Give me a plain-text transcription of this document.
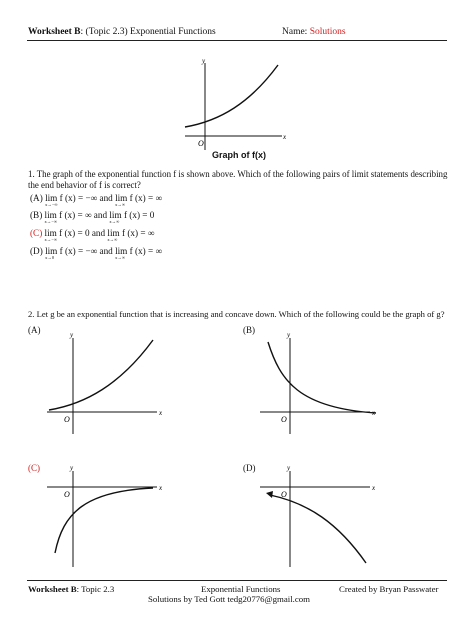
Worksheet B: (Topic 2.3) Exponential Functions	Name: Solutions
y
x
O
Graph of f(x)
1. The graph of the exponential function f is shown above. Which of the following pairs of limit statements describing
the end behavior of f is correct?
(A) lim
x→−∞
f (x) = −∞ and lim
x→∞
f (x) = ∞
(B) lim
x→−∞
f (x) = ∞ and lim
x→∞
f (x) = 0
(C) lim
x→−∞
f (x) = 0 and lim
x→∞
f (x) = ∞
(D) lim
x→0
f (x) = −∞ and lim
x→∞
f (x) = ∞
2. Let g be an exponential function that is increasing and concave down. Which of the following could be the graph of g?
(A)	y
x
O
(B)	y
x
O
(C)	y
x
O
(D)	y
x
O
Worksheet B: Topic 2.3	Exponential Functions	Created by Bryan Passwater
Solutions by Ted Gott tedg20776@gmail.com
